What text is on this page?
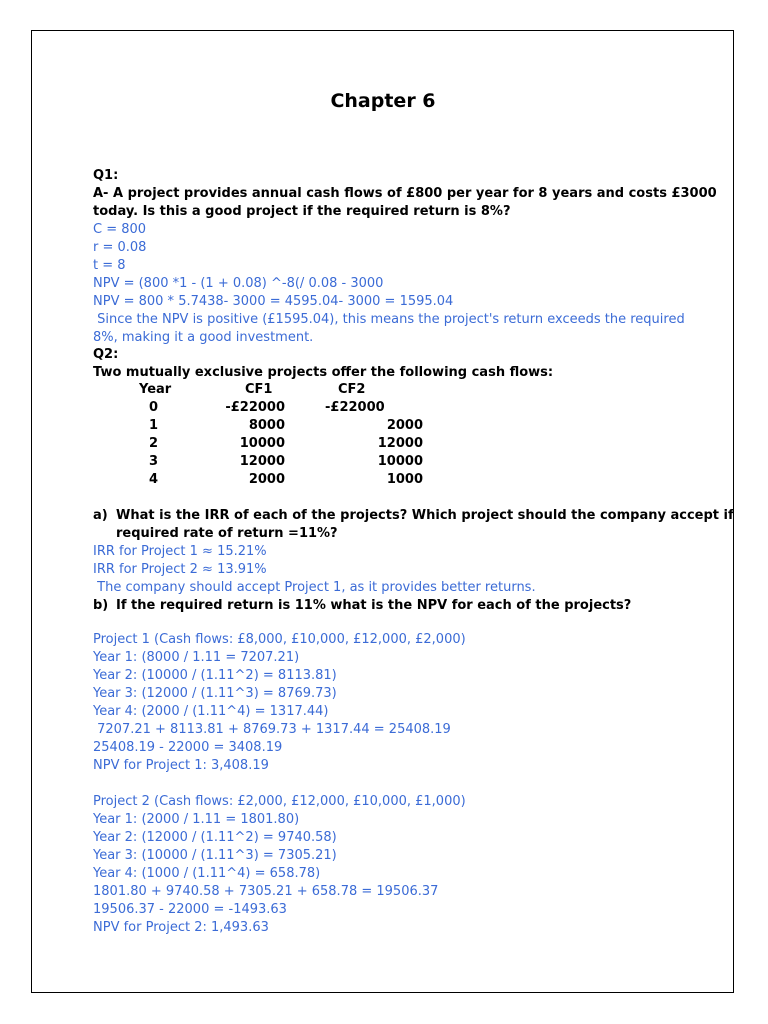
Chapter 6
Q1:
A- A project provides annual cash flows of £800 per year for 8 years and costs £3000
today. Is this a good project if the required return is 8%?
C = 800
r = 0.08
t = 8
NPV = (800 *1 - (1 + 0.08) ^-8(/ 0.08 - 3000
NPV = 800 * 5.7438- 3000 = 4595.04- 3000 = 1595.04
Since the NPV is positive (£1595.04), this means the project's return exceeds the required
8%, making it a good investment.
Q2:
Two mutually exclusive projects offer the following cash flows:
Year	CF1	CF2
0	-£22000	-£22000
1	8000	2000
2	10000	12000
3	12000	10000
4	2000	1000
a) What is the IRR of each of the projects? Which project should the company accept if
required rate of return =11%?
IRR for Project 1 ≈ 15.21%
IRR for Project 2 ≈ 13.91%
The company should accept Project 1, as it provides better returns.
b) If the required return is 11% what is the NPV for each of the projects?
Project 1 (Cash flows: £8,000, £10,000, £12,000, £2,000)
Year 1: (8000 / 1.11 = 7207.21)
Year 2: (10000 / (1.11^2) = 8113.81)
Year 3: (12000 / (1.11^3) = 8769.73)
Year 4: (2000 / (1.11^4) = 1317.44)
7207.21 + 8113.81 + 8769.73 + 1317.44 = 25408.19
25408.19 - 22000 = 3408.19
NPV for Project 1: 3,408.19
Project 2 (Cash flows: £2,000, £12,000, £10,000, £1,000)
Year 1: (2000 / 1.11 = 1801.80)
Year 2: (12000 / (1.11^2) = 9740.58)
Year 3: (10000 / (1.11^3) = 7305.21)
Year 4: (1000 / (1.11^4) = 658.78)
1801.80 + 9740.58 + 7305.21 + 658.78 = 19506.37
19506.37 - 22000 = -1493.63
NPV for Project 2: 1,493.63
